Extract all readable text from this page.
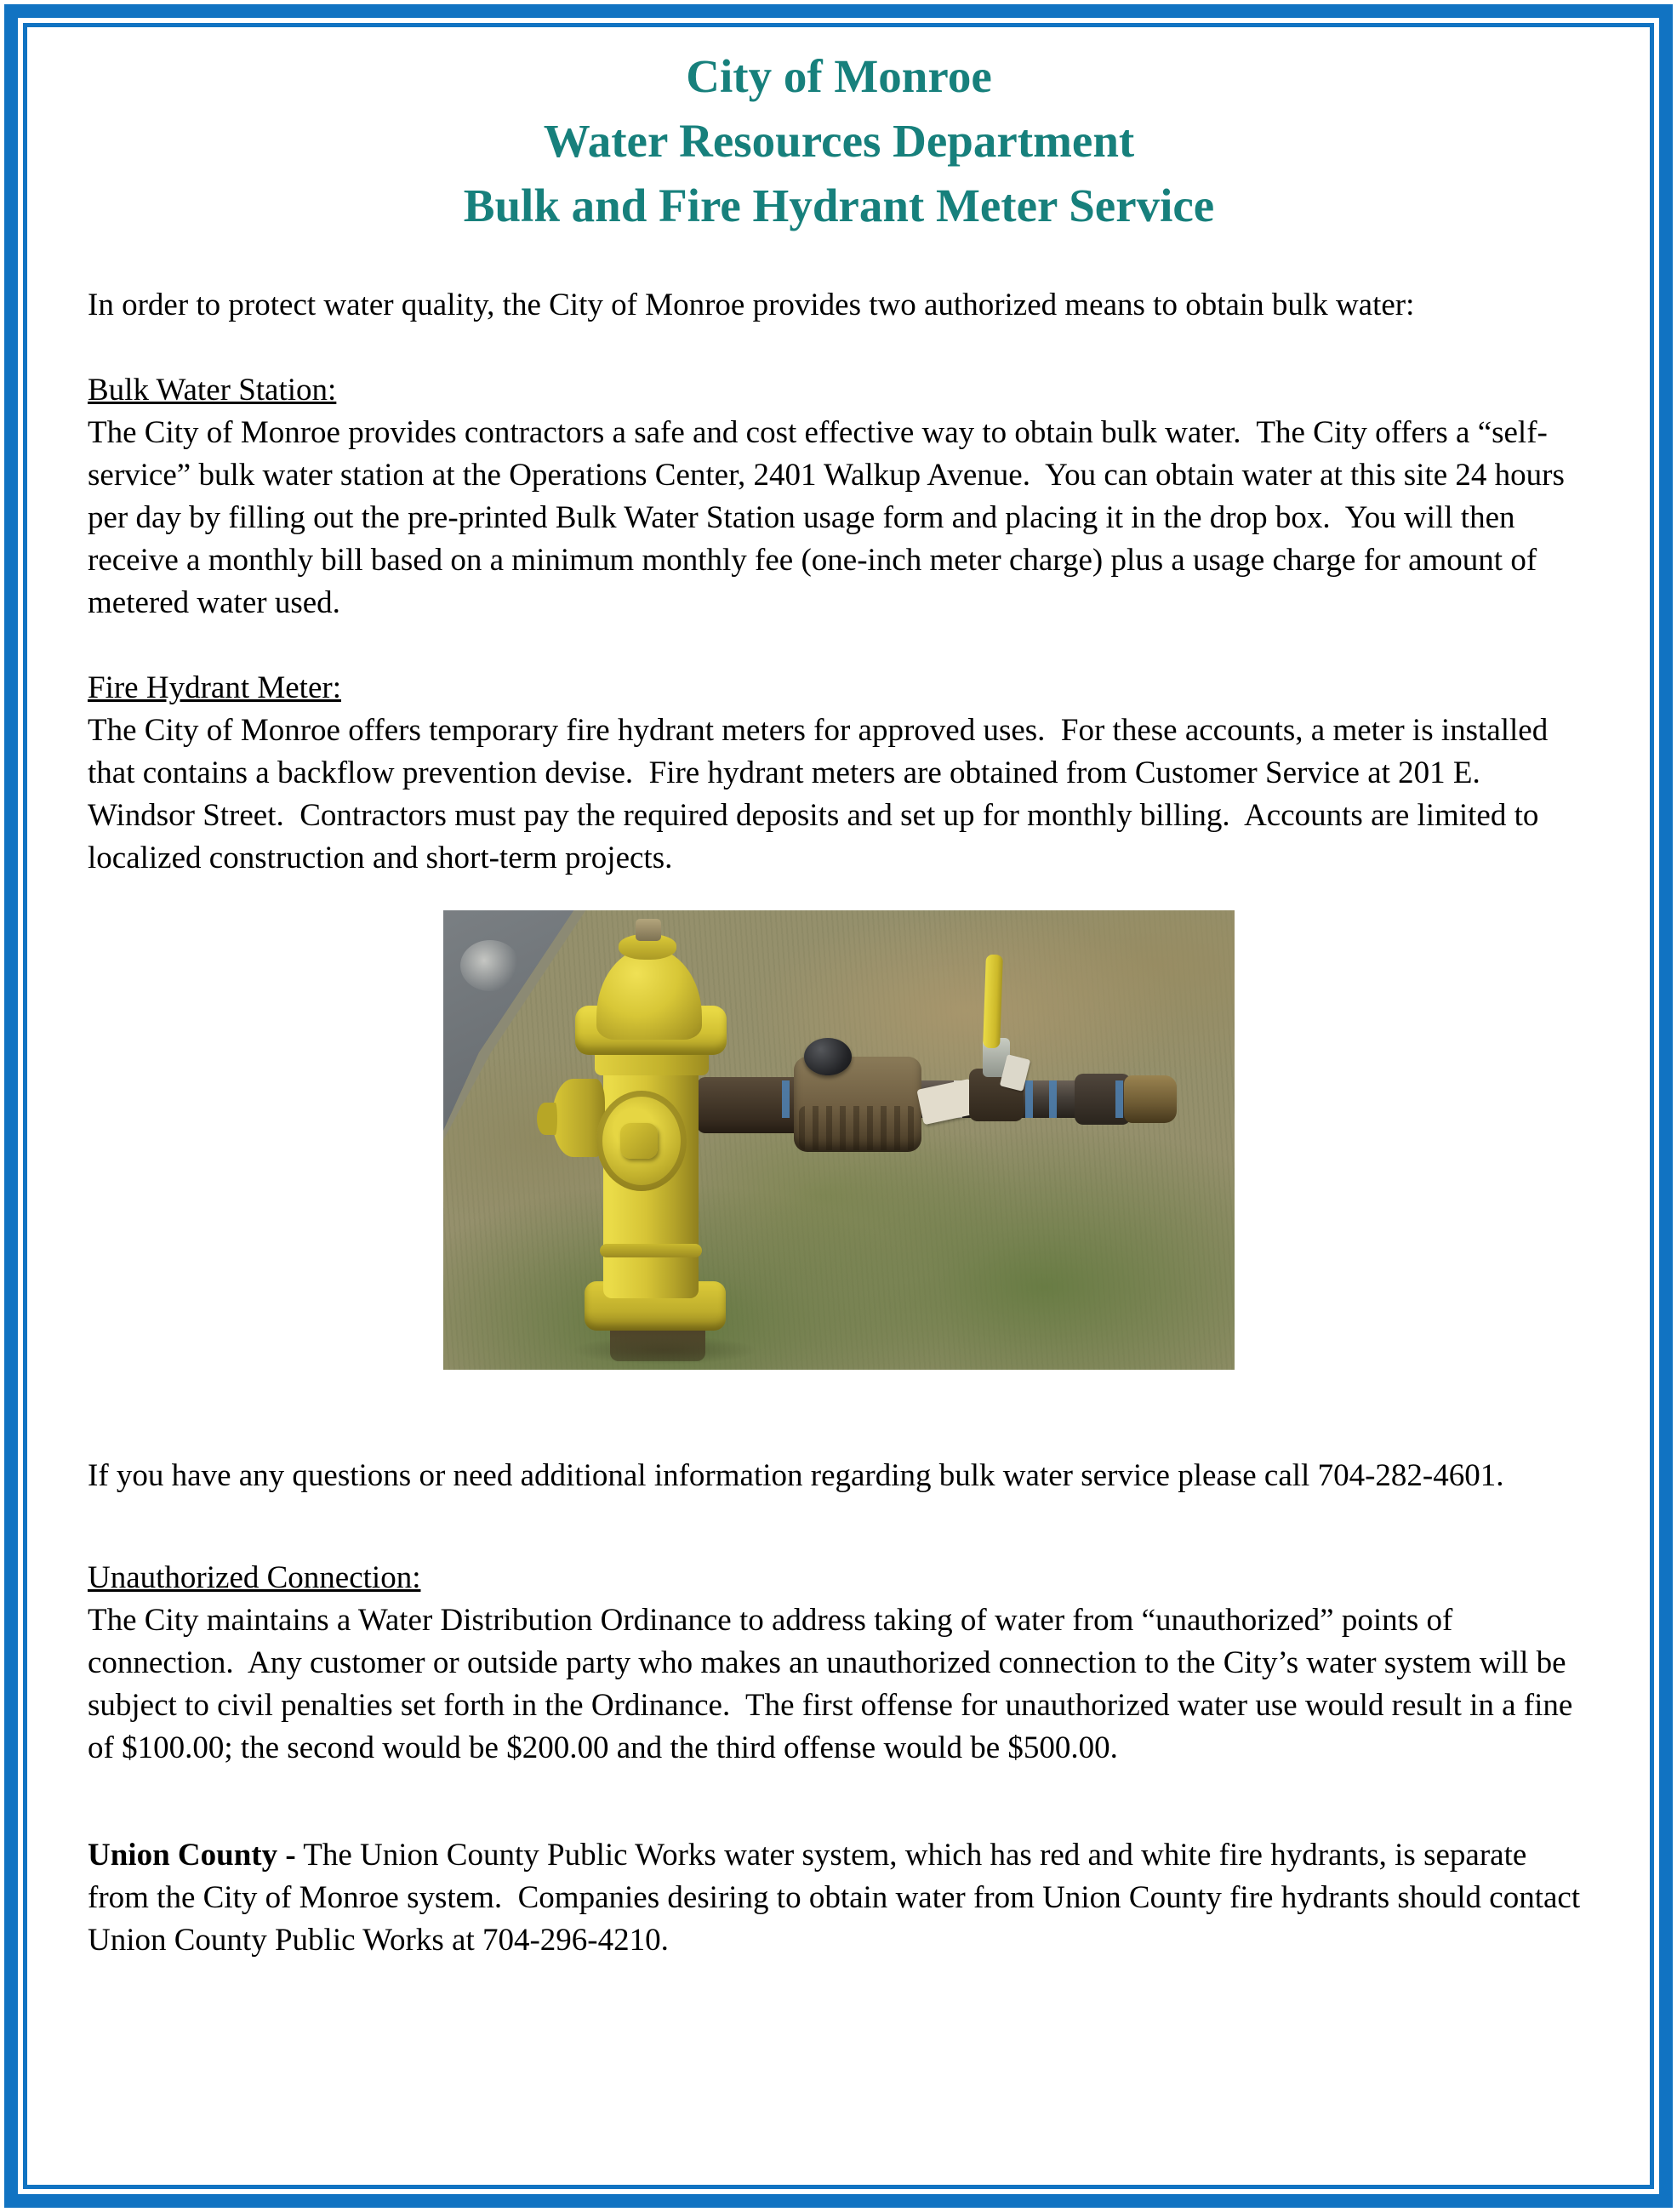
City of Monroe
Water Resources Department
Bulk and Fire Hydrant Meter Service

In order to protect water quality, the City of Monroe provides two authorized means to obtain bulk water:

Bulk Water Station:

The City of Monroe provides contractors a safe and cost effective way to obtain bulk water.  The City offers a “self-service” bulk water station at the Operations Center, 2401 Walkup Avenue.  You can obtain water at this site 24 hours per day by filling out the pre-printed Bulk Water Station usage form and placing it in the drop box.  You will then receive a monthly bill based on a minimum monthly fee (one-inch meter charge) plus a usage charge for amount of metered water used.

Fire Hydrant Meter:

The City of Monroe offers temporary fire hydrant meters for approved uses.  For these accounts, a meter is installed that contains a backflow prevention devise.  Fire hydrant meters are obtained from Customer Service at 201 E. Windsor Street.  Contractors must pay the required deposits and set up for monthly billing.  Accounts are limited to localized construction and short-term projects.

If you have any questions or need additional information regarding bulk water service please call 704-282-4601.

Unauthorized Connection:

The City maintains a Water Distribution Ordinance to address taking of water from “unauthorized” points of connection.  Any customer or outside party who makes an unauthorized connection to the City’s water system will be subject to civil penalties set forth in the Ordinance.  The first offense for unauthorized water use would result in a fine of $100.00; the second would be $200.00 and the third offense would be $500.00.

Union County - The Union County Public Works water system, which has red and white fire hydrants, is separate from the City of Monroe system.  Companies desiring to obtain water from Union County fire hydrants should contact Union County Public Works at 704-296-4210.
